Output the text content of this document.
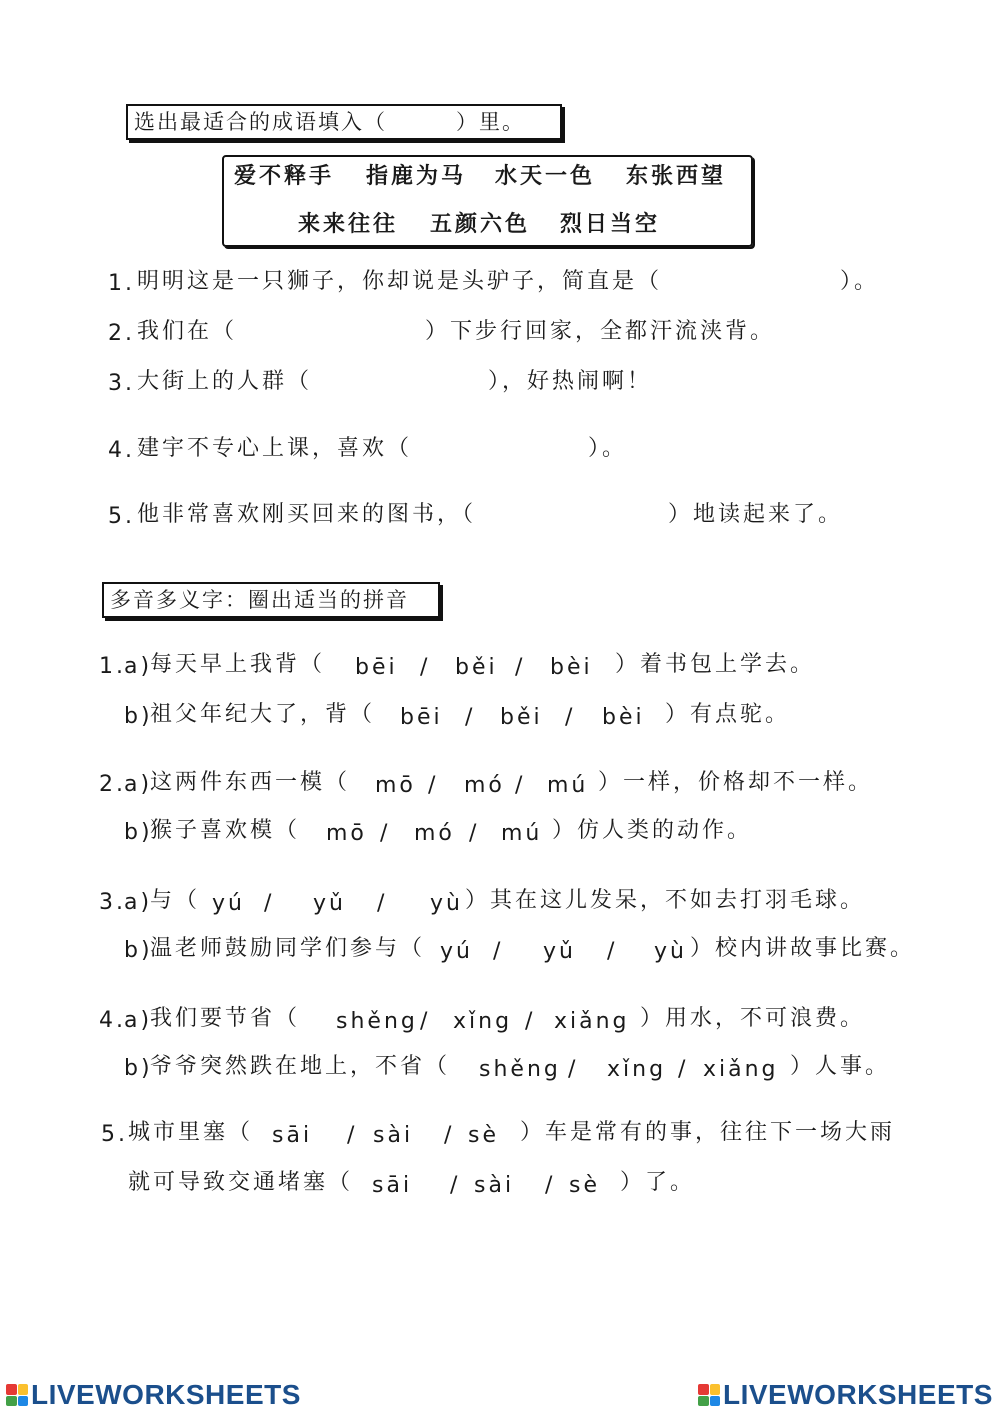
选出最适合的成语填入（　　　）里。
爱不释手 指鹿为马 水天一色 东张西望
来来往往 五颜六色 烈日当空
1. 明明这是一只狮子，你却说是头驴子，简直是（	）。
2. 我们在（	）下步行回家，全都汗流浃背。
3. 大街上的人群（	），好热闹啊！
4. 建宇不专心上课，喜欢（	）。
5. 他非常喜欢刚买回来的图书，（	）地读起来了。
多音多义字：圈出适当的拼音
1.
a)
每天早上我背（ bēi / běi / bèi ）着书包上学去。
b)
祖父年纪大了，背（ bēi / běi / bèi ）有点驼。
2.
a)
这两件东西一模（ mō / mó / mú ）一样，价格却不一样。
b)
猴子喜欢模（ mō / mó / mú ）仿人类的动作。
3.
a)
与（ yú / yǔ / yù ）其在这儿发呆，不如去打羽毛球。
b)
温老师鼓励同学们参与（ yú / yǔ / yù ）校内讲故事比赛。
4.
a)
我们要节省（ shěng / xǐng / xiǎng ）用水，不可浪费。
b)
爷爷突然跌在地上，不省（ shěng / xǐng / xiǎng ）人事。
5. 城市里塞（ sāi / sài / sè ）车是常有的事，往往下一场大雨
就可导致交通堵塞（ sāi / sài / sè ）了。
LIVEWORKSHEETS	LIVEWORKSHEETS
